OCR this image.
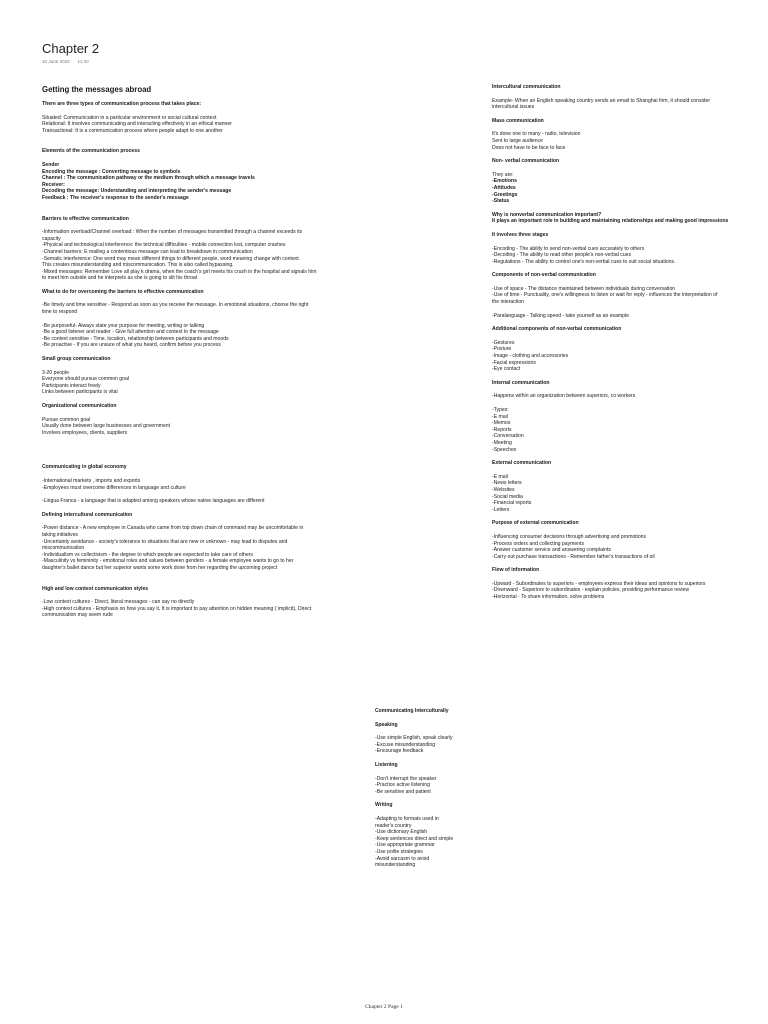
Chapter 2
10 June 2022 11:30
Getting the messages abroad

There are three types of communication process that takes place:

Situated: Communication in a particular environment or social cultural context

Relational: It involves communicating and interacting effectively in an ethical manner

Transactional: It is a communication process where people adapt to one another

Elements of the communication process

Sender

Encoding the message : Converting message to symbols

Channel : The communication pathway or the medium through which a message travels

Receiver:

Decoding the message: Understanding and interpreting the sender's message

Feedback : The receiver's response to the sender's message

Barriers to effective communication

-Information overload/Channel overload : When the number of messages transmitted through a channel exceeds its

capacity

-Physical and technological interference: the technical difficulties - mobile connection lost, computer crashes

-Channel barriers: E mailing a contentious message can lead to breakdown in communication

-Sematic interference: One word may mean different things to different people, word meaning change with context.

This creates misunderstanding and miscommunication. This is also called bypassing.

-Mixed messages: Remember Love all play k drama, when the coach's girl meets his crush in the hospital and signals him

to meet him outside and he interprets as she is going to slit his throat

What to do for overcoming the barriers to effective communication

-Be timely and time sensitive - Respond as soon as you receive the message. In emotional situations, choose the right

time to respond

-Be purposeful- Always state your purpose for meeting, writing or talking

-Be a good listener and reader - Give full attention and context to the message

-Be context sensitive - Time, location, relationship between participants and moods

-Be proactive - If you are unsure of what you heard, confirm before you process

Small group communication

3-20 people

Everyone should pursue common goal

Participants interact freely

Links between participants is vital

Organizational communication

Pursue common goal

Usually done between large businesses and government

Involves employees, clients, suppliers

Communicating in global economy

-International markets , imports and exports

-Employees must overcome differences in language and culture

-Lingua Franca - a language that is adapted among speakers whose native languages are different

Defining intercultural communication

-Power distance - A new employee in Canada who came from top down chain of command may be uncomfortable in

taking initiatives

-Uncertainty avoidance - society's tolerance to situations that are new or unknown - may lead to disputes and

miscommunication

-Individualism vs collectivism - the degree to which people are expected to take care of others

-Masculinity vs femininity - emotional roles and values between genders - a female employee wants to go to her

daughter's ballet dance but her superior wants some work done from her regarding the upcoming project

High and low context communication styles

-Low context cultures - Direct, literal messages - can say no directly

-High context cultures - Emphasis on how you say it, It is important to pay attention on hidden meaning ( implicit), Direct

communication may seem rude

Intercultural communication

Example- When an English speaking country sends an email to Shanghai firm, it should consider

intercultural issues

Mass communication

It's done one to many - radio, television

Sent to large audience

Does not have to be face to face

Non- verbal communication

They are:

-Emotions

-Attitudes

-Greetings

-Status

Why is nonverbal communication important?

It plays an important role in building and maintaining relationships and making good impressions

It involves three stages

-Encoding - The ability to send non-verbal cues accurately to others

-Decoding - The ability to read other people's non-verbal cues

-Regulations - The ability to control one's non-verbal cues to suit social situations.

Components of non-verbal communication

-Use of space - The distance maintained between individuals during conversation

-Use of time - Punctuality, one's willingness to listen or wait for reply - influences the interpretation of

the interaction

-Paralanguage - Talking speed - take yourself as an example

Additional components of non-verbal communication

-Gestures

-Posture

-Image - clothing and accessories

-Facial expressions

-Eye contact

Internal communication

-Happens within an organization between superiors, co workers

-Types:

-E mail

-Memos

-Reports

-Conversation

-Meeting

-Speeches

External communication

-E mail

-News letters

-Websites

-Social media

-Financial reports

-Letters

Purpose of external communication

-Influencing consumer decisions through advertising and promotions

-Process orders and collecting payments

-Answer customer service and answering complaints

-Carry out purchase transactions - Remember father's transactions of oil

Flow of information

-Upward - Subordinates to superiors - employees express their ideas and opinions to superiors

-Downward - Superiors to subordinates - explain policies, providing performance review

-Horizontal - To share information, solve problems

Communicating Interculturally

Speaking

-Use simple English, speak clearly

-Excuse misunderstanding

-Encourage feedback

Listening

-Don't interrupt the speaker

-Practice active listening

-Be sensitive and patient

Writing

-Adapting to formats used in

reader's country

-Use dictionary English

-Keep sentences direct and simple

-Use appropriate grammar

-Use polite strategies

-Avoid sarcasm to avoid

misunderstanding

Chapter 2 Page 1
